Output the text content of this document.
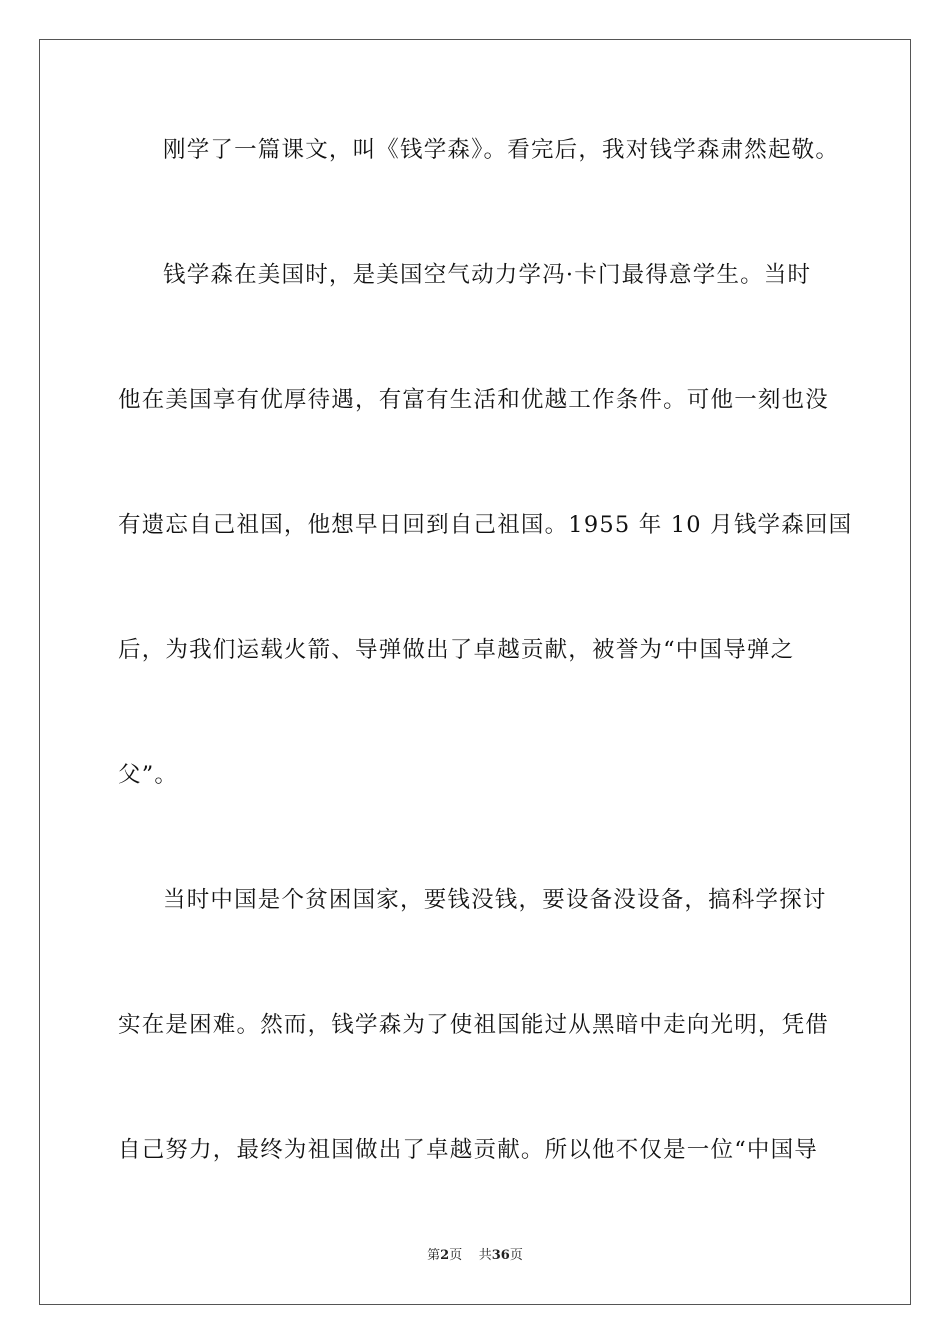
刚学了一篇课文，叫《钱学森》。看完后，我对钱学森肃然起敬。
钱学森在美国时，是美国空气动力学冯·卡门最得意学生。当时
他在美国享有优厚待遇，有富有生活和优越工作条件。可他一刻也没
有遗忘自己祖国，他想早日回到自己祖国。1955 年 10 月钱学森回国
后，为我们运载火箭、导弹做出了卓越贡献，被誉为“中国导弹之
父”。
当时中国是个贫困国家，要钱没钱，要设备没设备，搞科学探讨
实在是困难。然而，钱学森为了使祖国能过从黑暗中走向光明，凭借
自己努力，最终为祖国做出了卓越贡献。所以他不仅是一位“中国导
第2页 共36页
